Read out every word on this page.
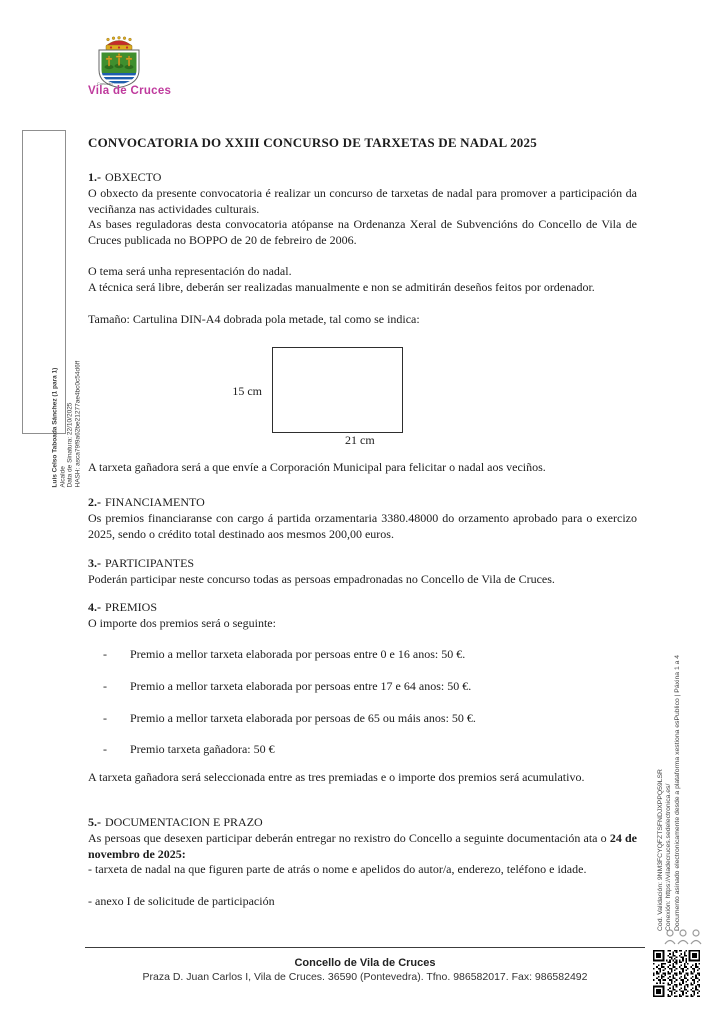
Concello
Vila de Cruces
Luis Celso Taboada Sánchez (1 para 1) Alcalde Data de Sinatura: 22/10/2025 HASH: asca79f9a62be21277ae4bc0c54d6ff
CONVOCATORIA DO XXIII CONCURSO DE TARXETAS DE NADAL 2025
1.- OBXECTO

O obxecto da presente convocatoria é realizar un concurso de tarxetas de nadal para promover a participación da veciñanza nas actividades culturais.

As bases reguladoras desta convocatoria atópanse na Ordenanza Xeral de Subvencións do Concello de Vila de Cruces publicada no BOPPO de 20 de febreiro de 2006.

O tema será unha representación do nadal.

A técnica será libre, deberán ser realizadas manualmente e non se admitirán deseños feitos por ordenador.

Tamaño: Cartulina DIN-A4 dobrada pola metade, tal como se indica:

15 cm
21 cm

A tarxeta gañadora será a que envíe a Corporación Municipal para felicitar o nadal aos veciños.

2.- FINANCIAMENTO

Os premios financiaranse con cargo á partida orzamentaria 3380.48000 do orzamento aprobado para o exercizo 2025, sendo o crédito total destinado aos mesmos 200,00 euros.

3.- PARTICIPANTES

Poderán participar neste concurso todas as persoas empadronadas no Concello de Vila de Cruces.

4.- PREMIOS

O importe dos premios será o seguinte:

- Premio a mellor tarxeta elaborada por persoas entre 0 e 16 anos: 50 €.
- Premio a mellor tarxeta elaborada por persoas entre 17 e 64 anos: 50 €.
- Premio a mellor tarxeta elaborada por persoas de 65 ou máis anos: 50 €.
- Premio tarxeta gañadora: 50 €

A tarxeta gañadora será seleccionada entre as tres premiadas e o importe dos premios será acumulativo.

5.- DOCUMENTACION E PRAZO

As persoas que desexen participar deberán entregar no rexistro do Concello a seguinte documentación ata o 24 de novembro de 2025:

- tarxeta de nadal na que figuren parte de atrás o nome e apelidos do autor/a, enderezo, teléfono e idade.

- anexo I de solicitude de participación	Cod. Validación: 9NM3FCYQFZTSFNDJXPPQ59LSR Conexión: https://viladecruces.sedelectronica.es/ Documento asinado electronicamente desde a plataforma xestiona esPublico | Páxina 1 a 4

Concello de Vila de Cruces

Praza D. Juan Carlos I, Vila de Cruces. 36590 (Pontevedra). Tfno. 986582017. Fax: 986582492
